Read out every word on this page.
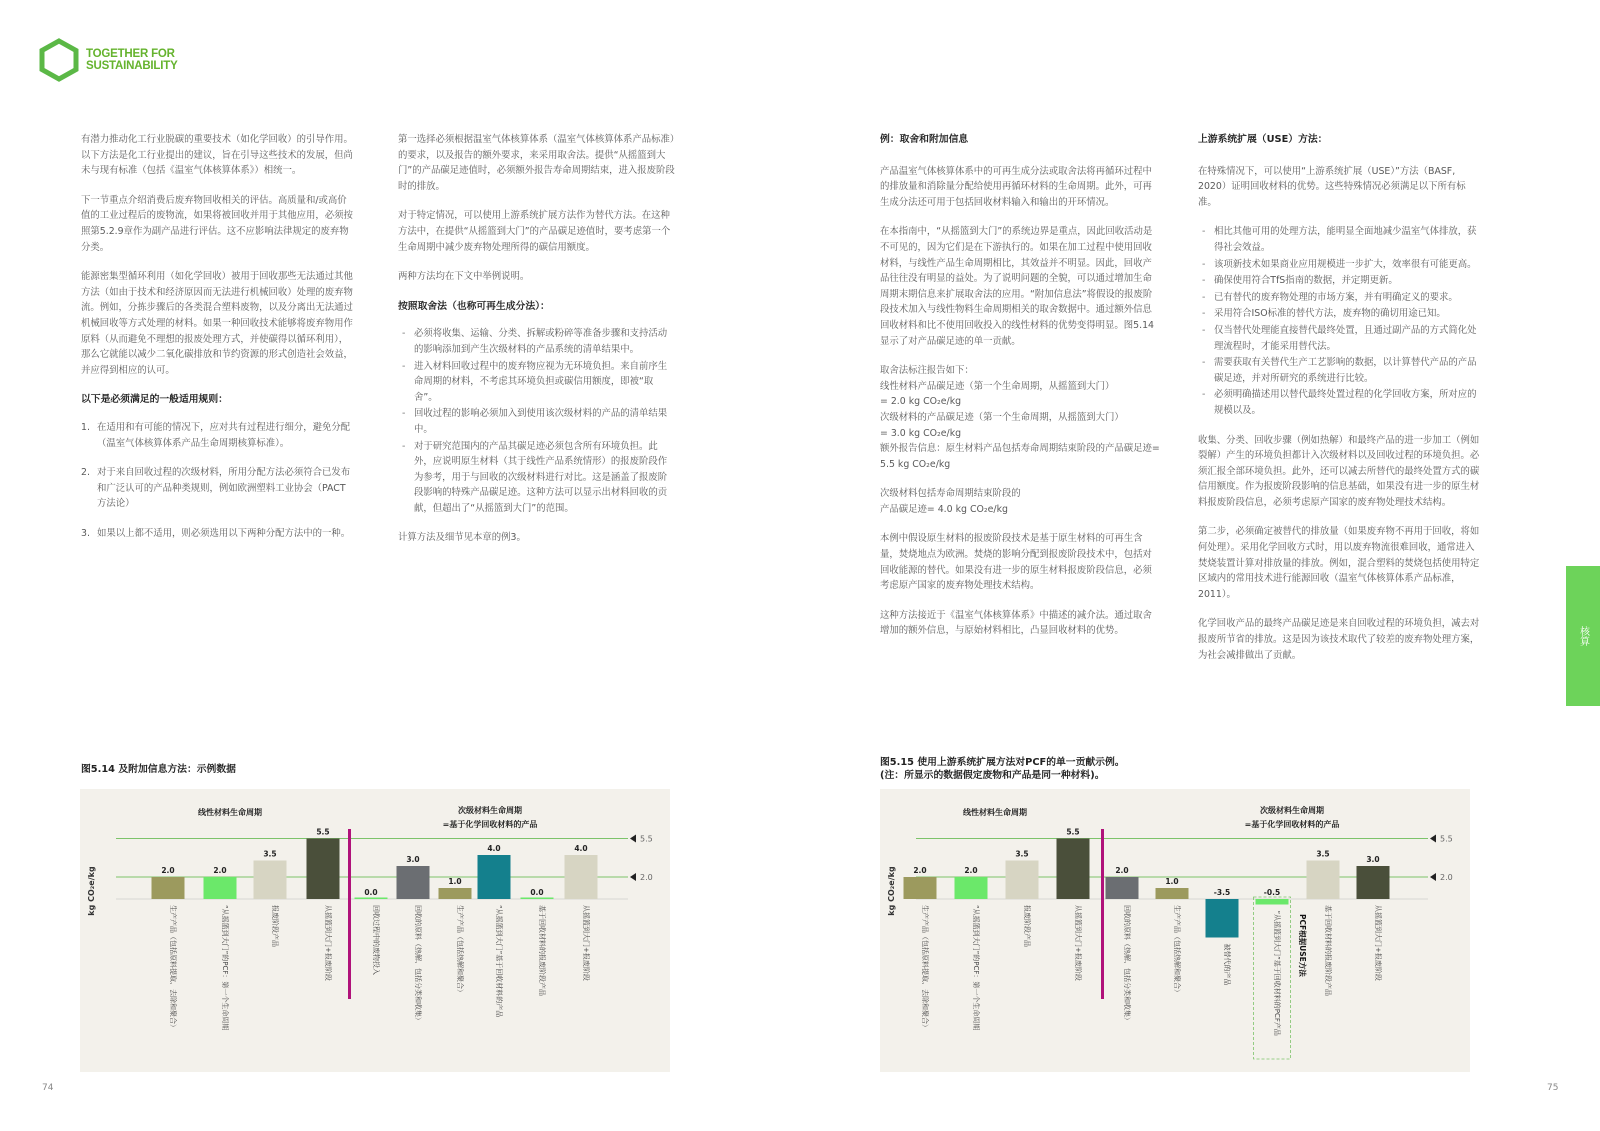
TOGETHER FOR
SUSTAINABILITY

有潜力推动化工行业脱碳的重要技术（如化学回收）的引导作用。以下方法是化工行业提出的建议，旨在引导这些技术的发展，但尚未与现有标准（包括《温室气体核算体系》）相统一。

下一节重点介绍消费后废弃物回收相关的评估。高质量和/或高价值的工业过程后的废物流，如果将被回收并用于其他应用，必须按照第5.2.9章作为副产品进行评估。这不应影响法律规定的废弃物分类。

能源密集型循环利用（如化学回收）被用于回收那些无法通过其他方法（如由于技术和经济原因而无法进行机械回收）处理的废弃物流。例如，分拣步骤后的各类混合塑料废物，以及分离出无法通过机械回收等方式处理的材料。如果一种回收技术能够将废弃物用作原料（从而避免不理想的报废处理方式，并使碳得以循环利用），那么它就能以减少二氧化碳排放和节约资源的形式创造社会效益，并应得到相应的认可。

以下是必须满足的一般适用规则：
1. 在适用和有可能的情况下，应对共有过程进行细分，避免分配（温室气体核算体系产品生命周期核算标准）。
2. 对于来自回收过程的次级材料，所用分配方法必须符合已发布和广泛认可的产品种类规则，例如欧洲塑料工业协会（PACT方法论）
3. 如果以上都不适用，则必须选用以下两种分配方法中的一种。

第一选择必须根据温室气体核算体系（温室气体核算体系产品标准）的要求，以及报告的额外要求，来采用取舍法。提供“从摇篮到大门”的产品碳足迹值时，必须额外报告寿命周期结束，进入报废阶段时的排放。

对于特定情况，可以使用上游系统扩展方法作为替代方法。在这种方法中，在提供“从摇篮到大门”的产品碳足迹值时，要考虑第一个生命周期中减少废弃物处理所得的碳信用额度。

两种方法均在下文中举例说明。

按照取舍法（也称可再生成分法）：
- 必须将收集、运输、分类、拆解或粉碎等准备步骤和支持活动的影响添加到产生次级材料的产品系统的清单结果中。
- 进入材料回收过程中的废弃物应视为无环境负担。来自前序生命周期的材料，不考虑其环境负担或碳信用额度，即被“取舍”。
- 回收过程的影响必须加入到使用该次级材料的产品的清单结果中。
- 对于研究范围内的产品其碳足迹必须包含所有环境负担。此外，应说明原生材料（其于线性产品系统情形）的报废阶段作为参考，用于与回收的次级材料进行对比。这是涵盖了报废阶段影响的特殊产品碳足迹。这种方法可以显示出材料回收的贡献，但超出了“从摇篮到大门”的范围。

计算方法及细节见本章的例3。

例：取舍和附加信息

产品温室气体核算体系中的可再生成分法或取舍法将再循环过程中的排放量和消除量分配给使用再循环材料的生命周期。此外，可再生成分法还可用于包括回收材料输入和输出的开环情况。

在本指南中，“从摇篮到大门”的系统边界是重点，因此回收活动是不可见的，因为它们是在下游执行的。如果在加工过程中使用回收材料，与线性产品生命周期相比，其效益并不明显。因此，回收产品往往没有明显的益处。为了说明问题的全貌，可以通过增加生命周期末期信息来扩展取舍法的应用。“附加信息法”将假设的报废阶段技术加入与线性物料生命周期相关的取舍数据中。通过额外信息回收材料和比不使用回收投入的线性材料的优势变得明显。图5.14显示了对产品碳足迹的单一贡献。

取舍法标注报告如下：
线性材料产品碳足迹（第一个生命周期，从摇篮到大门）
= 2.0 kg CO₂e/kg
次级材料的产品碳足迹（第一个生命周期，从摇篮到大门）
= 3.0 kg CO₂e/kg
额外报告信息：原生材料产品包括寿命周期结束阶段的产品碳足迹= 5.5 kg CO₂e/kg

次级材料包括寿命周期结束阶段的
产品碳足迹= 4.0 kg CO₂e/kg

本例中假设原生材料的报废阶段技术是基于原生材料的可再生含量，焚烧地点为欧洲。焚烧的影响分配到报废阶段技术中，包括对回收能源的替代。如果没有进一步的原生材料报废阶段信息，必须考虑原产国家的废弃物处理技术结构。

这种方法接近于《温室气体核算体系》中描述的减介法。通过取舍增加的额外信息，与原始材料相比，凸显回收材料的优势。

上游系统扩展（USE）方法：

在特殊情况下，可以使用“上游系统扩展（USE）”方法（BASF, 2020）证明回收材料的优势。这些特殊情况必须满足以下所有标准。

- 相比其他可用的处理方法，能明显全面地减少温室气体排放，获得社会效益。
- 该项新技术如果商业应用规模进一步扩大，效率很有可能更高。
- 确保使用符合TfS指南的数据，并定期更新。
- 已有替代的废弃物处理的市场方案，并有明确定义的要求。
- 采用符合ISO标准的替代方法，废弃物的确切用途已知。
- 仅当替代处理能直接替代最终处置，且通过副产品的方式简化处理流程时，才能采用替代法。
- 需要获取有关替代生产工艺影响的数据，以计算替代产品的产品碳足迹，并对所研究的系统进行比较。
- 必须明确描述用以替代最终处置过程的化学回收方案，所对应的规模以及。

收集、分类、回收步骤（例如热解）和最终产品的进一步加工（例如裂解）产生的环境负担都计入次级材料以及回收过程的环境负担。必须汇报全部环境负担。此外，还可以减去所替代的最终处置方式的碳信用额度。作为报废阶段影响的信息基础，如果没有进一步的原生材料报废阶段信息，必须考虑原产国家的废弃物处理技术结构。

第二步，必须确定被替代的排放量（如果废弃物不再用于回收，将如何处理）。采用化学回收方式时，用以废弃物流很难回收，通常进入焚烧装置计算对排放量的排放。例如，混合塑料的焚烧包括使用特定区域内的常用技术进行能源回收（温室气体核算体系产品标准，2011）。

化学回收产品的最终产品碳足迹是来自回收过程的环境负担，减去对报废所节省的排放。这是因为该技术取代了较差的废弃物处理方案，为社会减排做出了贡献。

图5.14 及附加信息方法：示例数据
图5.15 使用上游系统扩展方法对PCF的单一贡献示例。
(注：所显示的数据假定废物和产品是同一种材料)。
5.5
2.0
kg CO₂e/kg
线性材料生命周期	次级材料生命周期
=基于化学回收材料的产品
2.0
生产产品（包括原料提取、去除和聚合）
2.0
“从摇篮到大门”的PCF：第一个生命周期
3.5
报废阶段产品
5.5
从摇篮到大门+报废阶段
0.0
回收过程中的废物投入
3.0
回收的原料（热解、包括分类和收集）
1.0
生产产品（包括热解和聚合）
4.0
“从摇篮到大门”基于回收材料的产品
0.0
基于回收材料的报废阶段产品
4.0
从摇篮到大门+报废阶段
5.5
2.0
kg CO₂e/kg
线性材料生命周期	次级材料生命周期
=基于化学回收材料的产品
2.0
生产产品（包括原料提取、去除和聚合）
2.0
“从摇篮到大门”的PCF：第一个生命周期
3.5
报废阶段产品
5.5
从摇篮到大门+报废阶段
2.0
回收的原料（热解、包括分类和收集）
1.0
生产产品（包括热解和聚合）
-3.5
被替代的产品
-0.5
“从摇篮到大门”基于回收材料的PCF产品
3.5
基于回收材料的报废阶段产品
3.0
从摇篮到大门+报废阶段
PCF根据USE方法
74	75
核算
